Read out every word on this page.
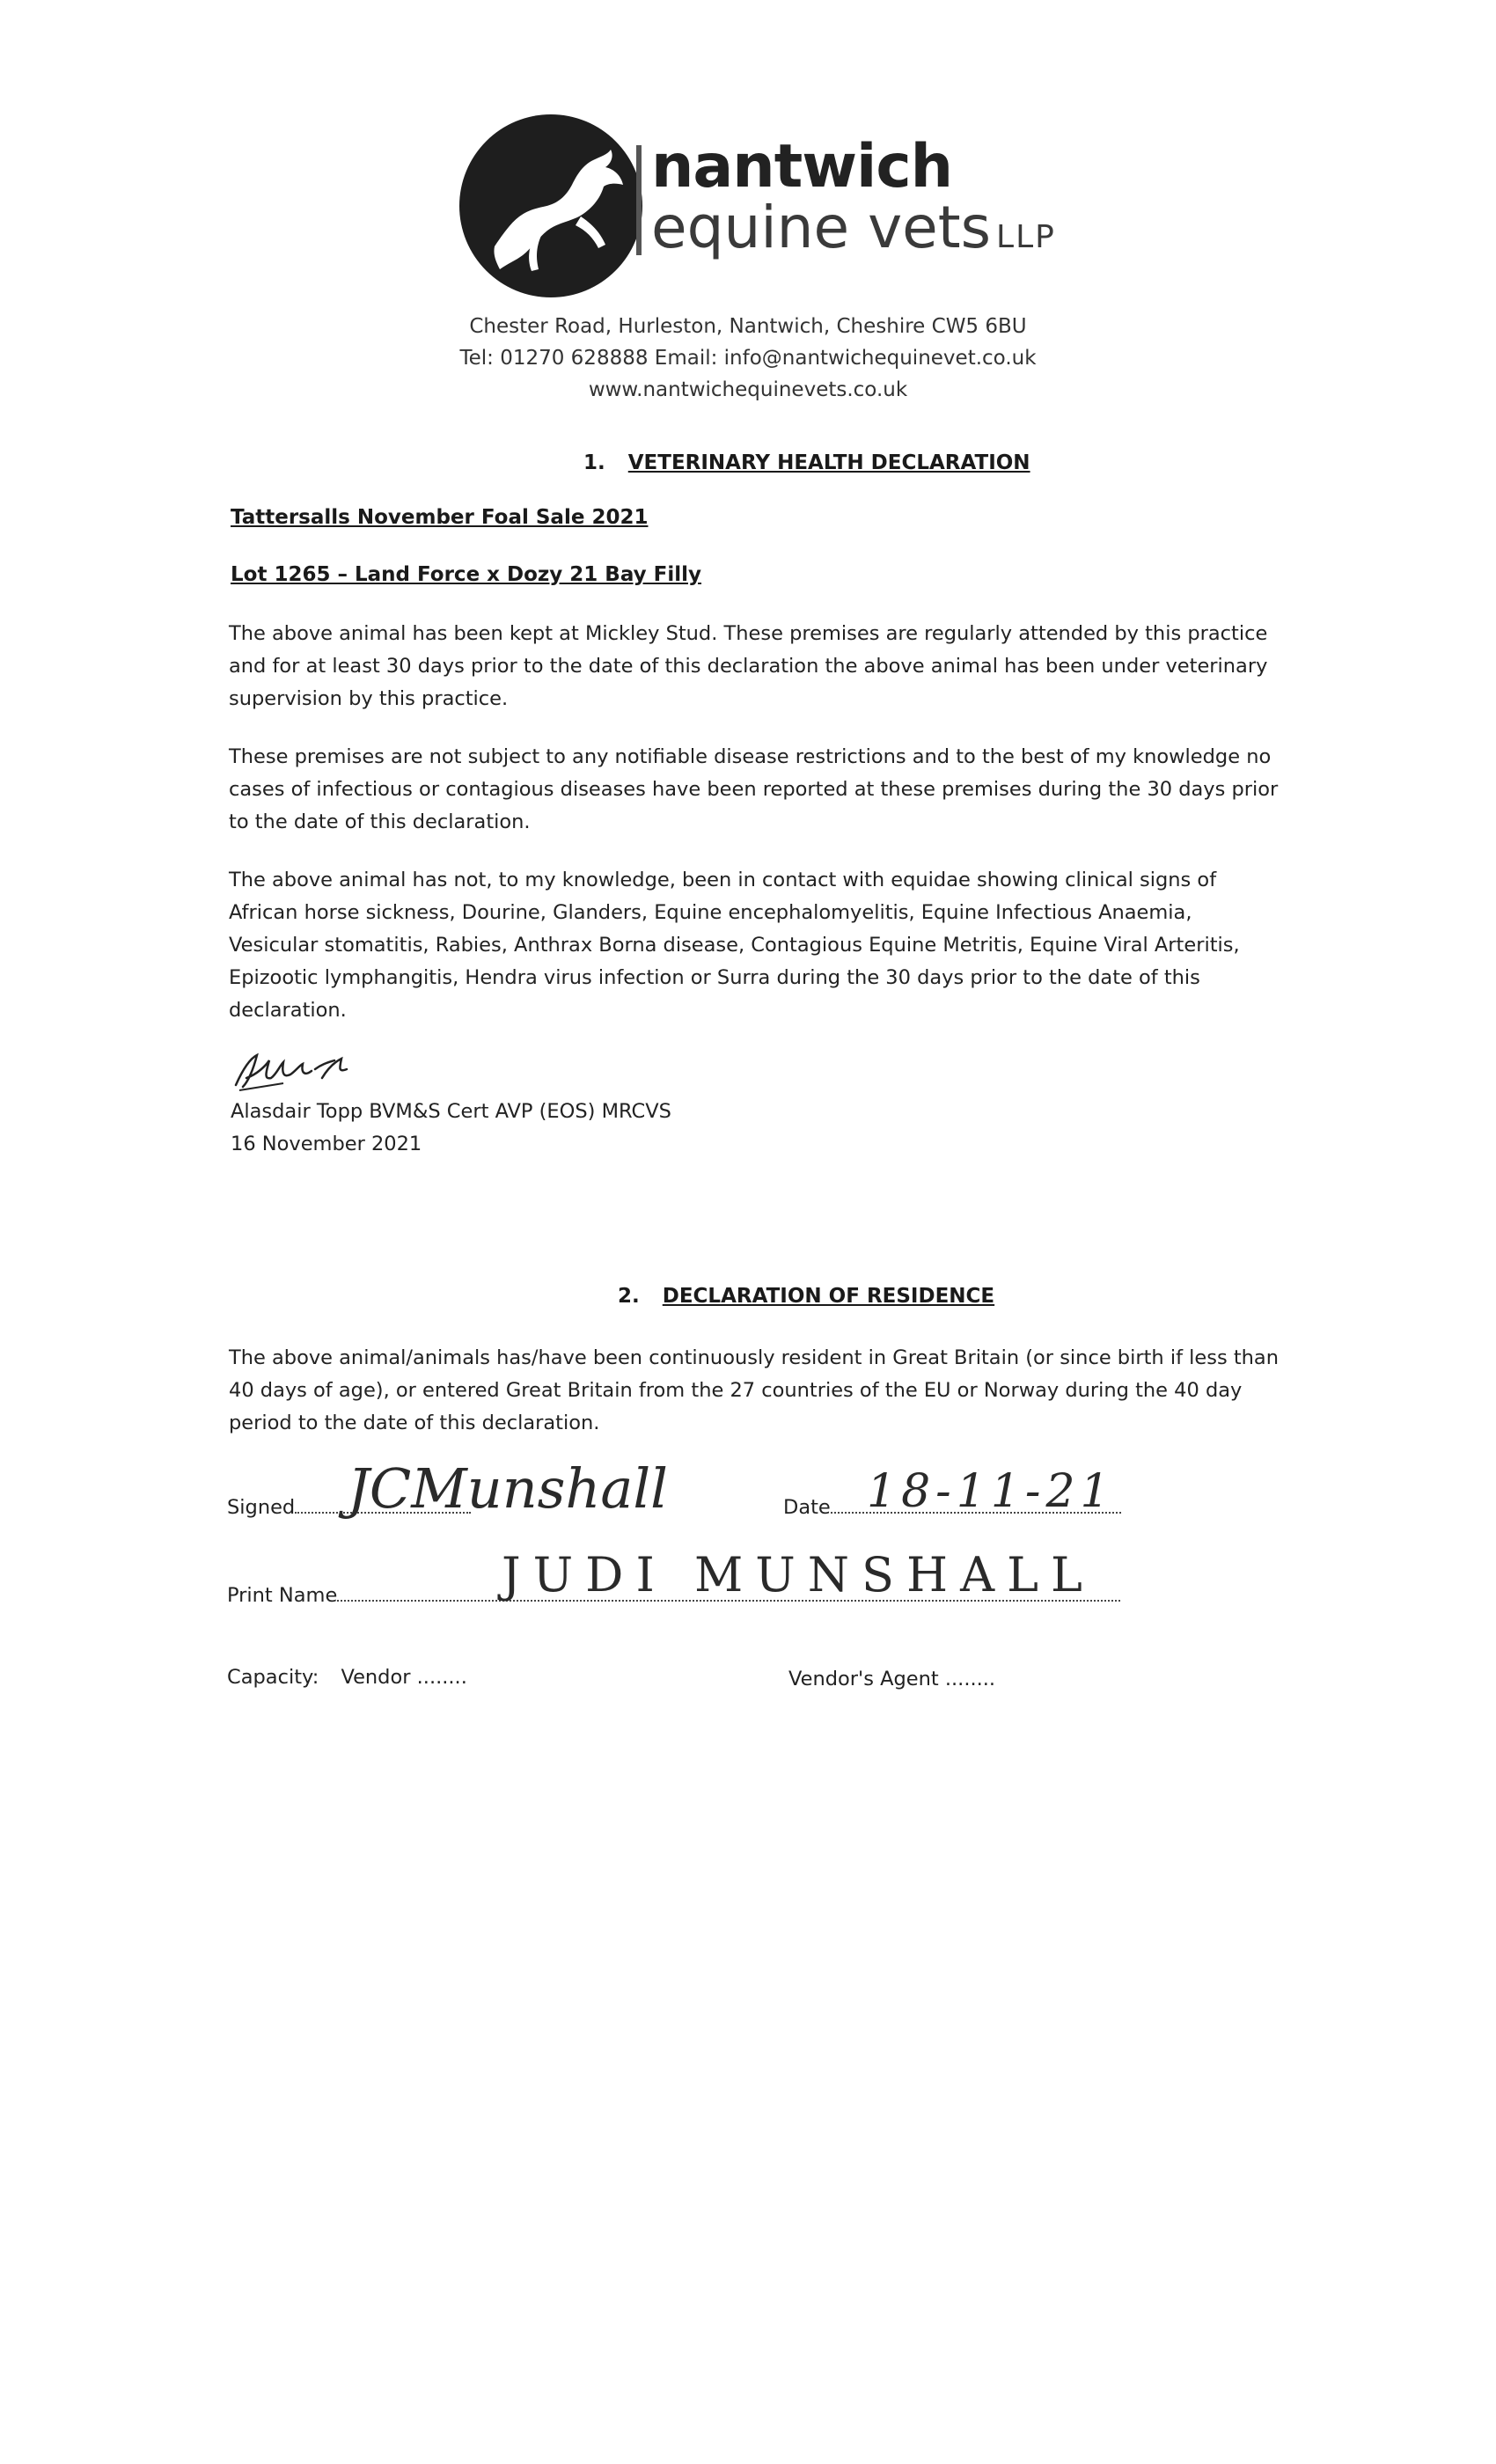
nantwich
equine vets LLP
Chester Road, Hurleston, Nantwich, Cheshire CW5 6BU
Tel: 01270 628888 Email: info@nantwichequinevet.co.uk
www.nantwichequinevets.co.uk
1. VETERINARY HEALTH DECLARATION
Tattersalls November Foal Sale 2021
Lot 1265 – Land Force x Dozy 21 Bay Filly
The above animal has been kept at Mickley Stud. These premises are regularly attended by this practice and for at least 30 days prior to the date of this declaration the above animal has been under veterinary supervision by this practice.
These premises are not subject to any notifiable disease restrictions and to the best of my knowledge no cases of infectious or contagious diseases have been reported at these premises during the 30 days prior to the date of this declaration.
The above animal has not, to my knowledge, been in contact with equidae showing clinical signs of African horse sickness, Dourine, Glanders, Equine encephalomyelitis, Equine Infectious Anaemia, Vesicular stomatitis, Rabies, Anthrax Borna disease, Contagious Equine Metritis, Equine Viral Arteritis, Epizootic lymphangitis, Hendra virus infection or Surra during the 30 days prior to the date of this declaration.
Alasdair Topp BVM&S Cert AVP (EOS) MRCVS
16 November 2021
2. DECLARATION OF RESIDENCE
The above animal/animals has/have been continuously resident in Great Britain (or since birth if less than 40 days of age), or entered Great Britain from the 27 countries of the EU or Norway during the 40 day period to the date of this declaration.
Signed JCMunshall	Date 18-11-21
Print Name	JUDI MUNSHALL
Capacity: Vendor ........	Vendor's Agent ........
